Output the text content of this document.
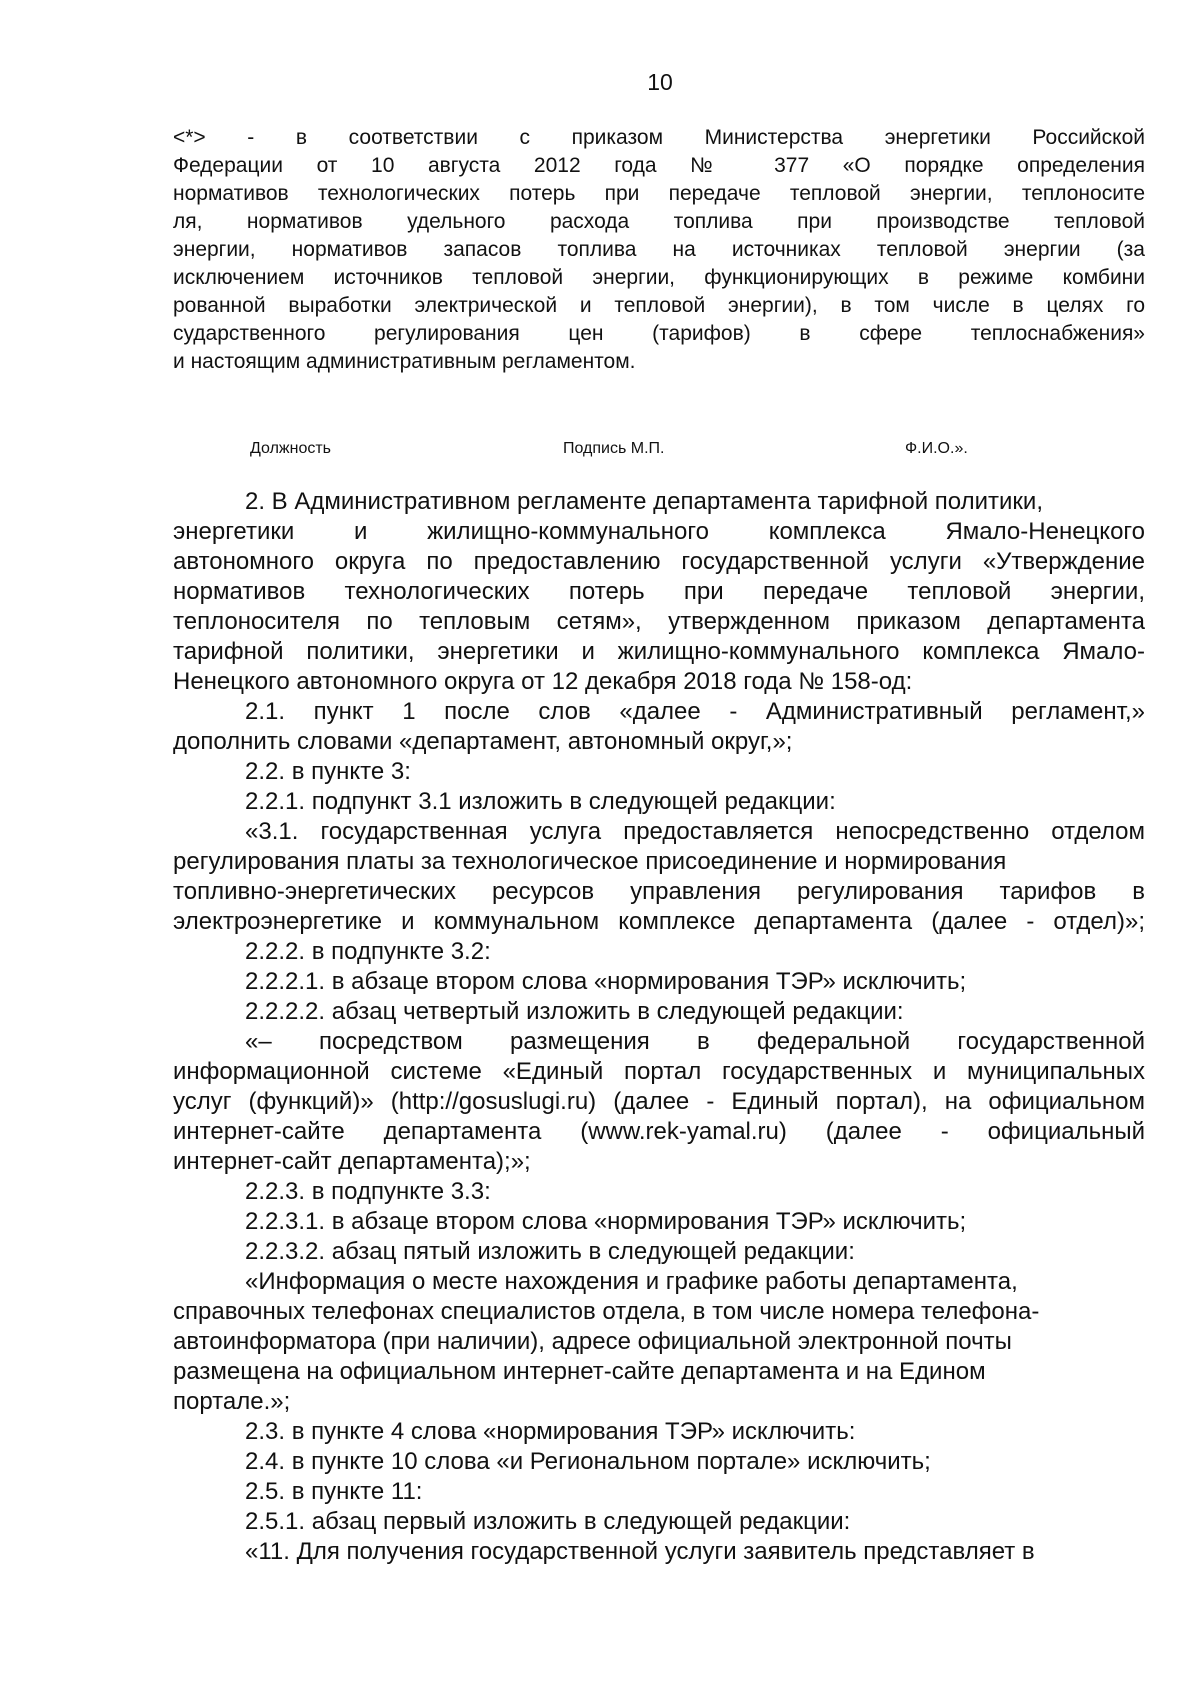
10

<*> - в соответствии с приказом Министерства энергетики Российской

Федерации от 10 августа 2012 года № 377 «О порядке определения

нормативов технологических потерь при передаче тепловой энергии, теплоносите

ля, нормативов удельного расхода топлива при производстве тепловой

энергии, нормативов запасов топлива на источниках тепловой энергии (за

исключением источников тепловой энергии, функционирующих в режиме комбини

рованной выработки электрической и тепловой энергии), в том числе в целях го

сударственного регулирования цен (тарифов) в сфере теплоснабжения»

и настоящим административным регламентом.

Должность	Подпись М.П.	Ф.И.О.».

2. В Административном регламенте департамента тарифной политики,

энергетики и жилищно-коммунального комплекса Ямало-Ненецкого

автономного округа по предоставлению государственной услуги «Утверждение

нормативов технологических потерь при передаче тепловой энергии,

теплоносителя по тепловым сетям», утвержденном приказом департамента

тарифной политики, энергетики и жилищно-коммунального комплекса Ямало-

Ненецкого автономного округа от 12 декабря 2018 года № 158-од:

2.1. пункт 1 после слов «далее - Административный регламент,»

дополнить словами «департамент, автономный округ,»;

2.2. в пункте 3:

2.2.1. подпункт 3.1 изложить в следующей редакции:

«3.1. государственная услуга предоставляется непосредственно отделом

регулирования платы за технологическое присоединение и нормирования

топливно-энергетических ресурсов управления регулирования тарифов в

электроэнергетике и коммунальном комплексе департамента (далее - отдел)»;

2.2.2. в подпункте 3.2:

2.2.2.1. в абзаце втором слова «нормирования ТЭР» исключить;

2.2.2.2. абзац четвертый изложить в следующей редакции:

«– посредством размещения в федеральной государственной

информационной системе «Единый портал государственных и муниципальных

услуг (функций)» (http://gosuslugi.ru) (далее - Единый портал), на официальном

интернет-сайте департамента (www.rek-yamal.ru) (далее - официальный

интернет-сайт департамента);»;

2.2.3. в подпункте 3.3:

2.2.3.1. в абзаце втором слова «нормирования ТЭР» исключить;

2.2.3.2. абзац пятый изложить в следующей редакции:

«Информация о месте нахождения и графике работы департамента,

справочных телефонах специалистов отдела, в том числе номера телефона-

автоинформатора (при наличии), адресе официальной электронной почты

размещена на официальном интернет-сайте департамента и на Едином

портале.»;

2.3. в пункте 4 слова «нормирования ТЭР» исключить:

2.4. в пункте 10 слова «и Региональном портале» исключить;

2.5. в пункте 11:

2.5.1. абзац первый изложить в следующей редакции:

«11. Для получения государственной услуги заявитель представляет в
